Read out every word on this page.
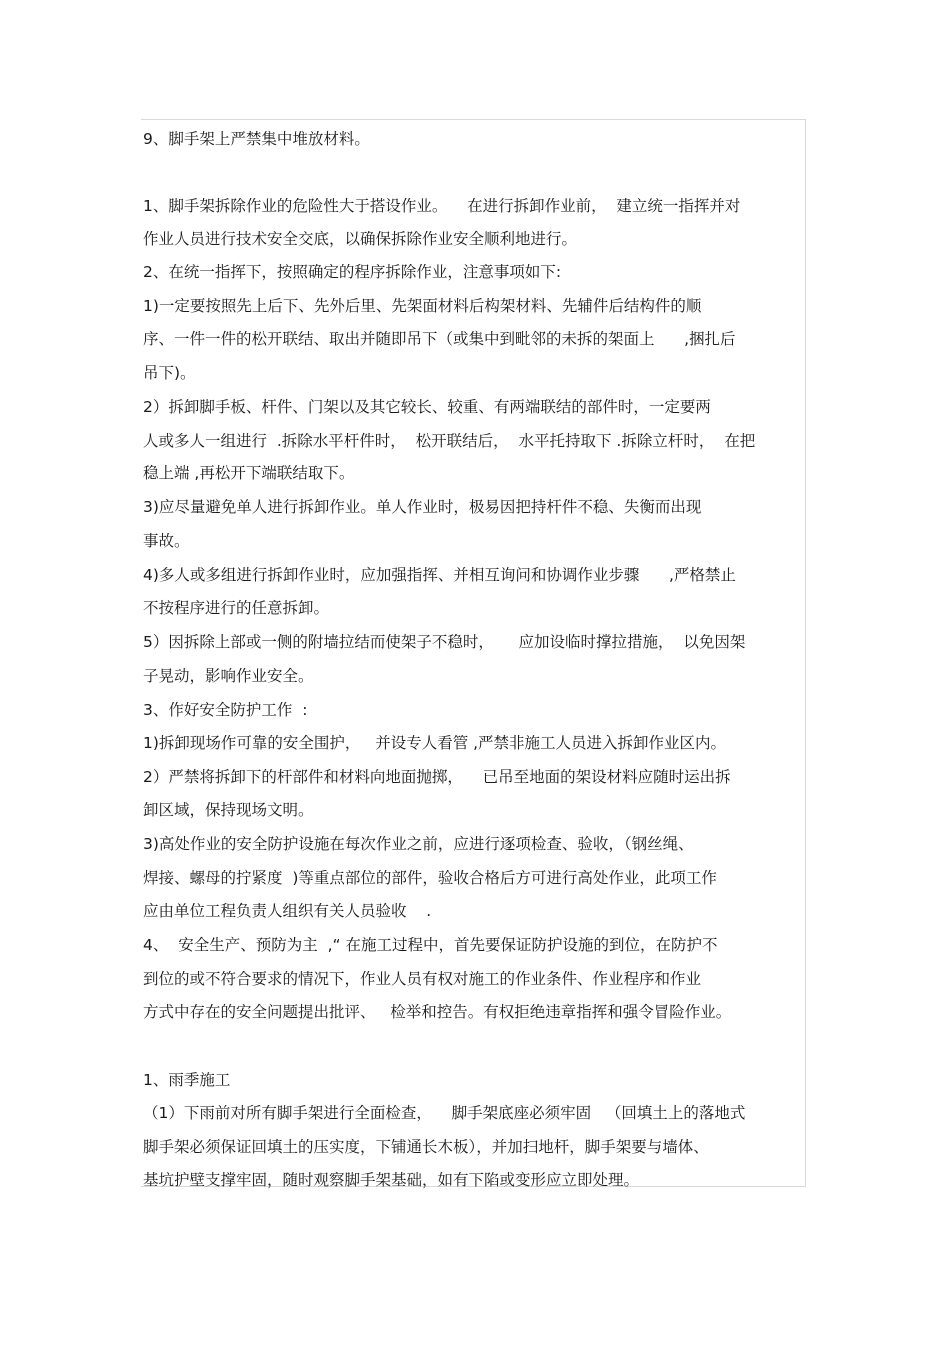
9、脚手架上严禁集中堆放材料。
1、脚手架拆除作业的危险性大于搭设作业。    在进行拆卸作业前，  建立统一指挥并对
作业人员进行技术安全交底，以确保拆除作业安全顺利地进行。
2、在统一指挥下，按照确定的程序拆除作业，注意事项如下:
1)一定要按照先上后下、先外后里、先架面材料后构架材料、先辅件后结构件的顺
序、一件一件的松开联结、取出并随即吊下（或集中到毗邻的未拆的架面上      ,捆扎后
吊下)。
2）拆卸脚手板、杆件、门架以及其它较长、较重、有两端联结的部件时，一定要两
人或多人一组进行  .拆除水平杆件时，  松开联结后，  水平托持取下 .拆除立杆时，  在把
稳上端 ,再松开下端联结取下。
3)应尽量避免单人进行拆卸作业。单人作业时，极易因把持杆件不稳、失衡而出现
事故。
4)多人或多组进行拆卸作业时，应加强指挥、并相互询问和协调作业步骤      ,严格禁止
不按程序进行的任意拆卸。
5）因拆除上部或一侧的附墙拉结而使架子不稳时，     应加设临时撑拉措施，  以免因架
子晃动，影响作业安全。
3、作好安全防护工作  :
1)拆卸现场作可靠的安全围护，   并设专人看管 ,严禁非施工人员进入拆卸作业区内。
2）严禁将拆卸下的杆部件和材料向地面抛掷，    已吊至地面的架设材料应随时运出拆
卸区域，保持现场文明。
3)高处作业的安全防护设施在每次作业之前，应进行逐项检查、验收，（钢丝绳、
焊接、螺母的拧紧度  )等重点部位的部件，验收合格后方可进行高处作业，此项工作
应由单位工程负责人组织有关人员验收    .
4、  安全生产、预防为主  ,“ 在施工过程中，首先要保证防护设施的到位，在防护不
到位的或不符合要求的情况下，作业人员有权对施工的作业条件、作业程序和作业
方式中存在的安全问题提出批评、   检举和控告。有权拒绝违章指挥和强令冒险作业。
1、雨季施工
（1）下雨前对所有脚手架进行全面检查，    脚手架底座必须牢固   （回填土上的落地式
脚手架必须保证回填土的压实度，下铺通长木板），并加扫地杆，脚手架要与墙体、
基坑护壁支撑牢固，随时观察脚手架基础，如有下陷或变形应立即处理。
